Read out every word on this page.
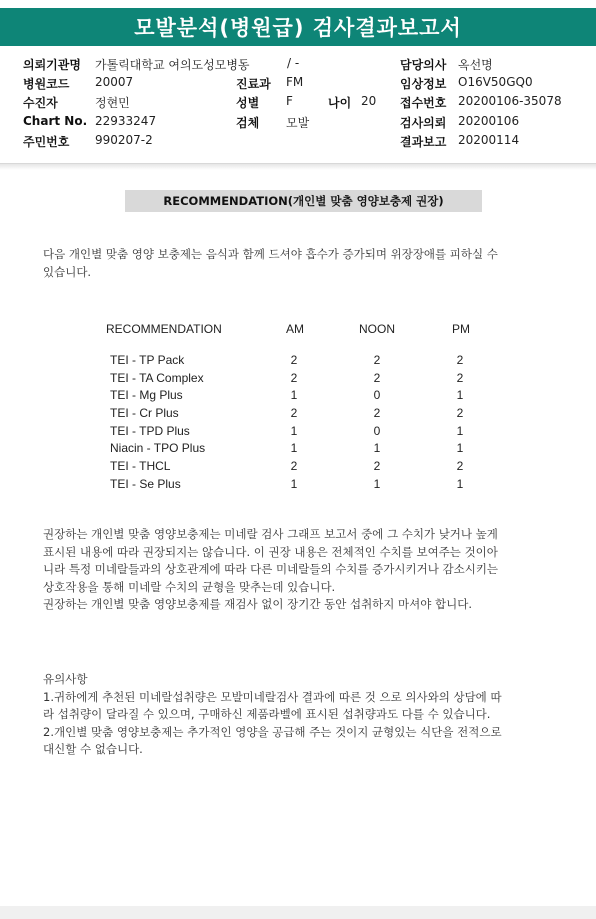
모발분석(병원급) 검사결과보고서
의뢰기관명 가톨릭대학교 여의도성모병동	/ -	담당의사 옥선명
병원코드 20007	진료과 FM	임상정보 O16V50GQ0
수진자	정현민	성별 F	나이 20 접수번호 20200106-35078
Chart No. 22933247	검체 모발	검사의뢰 20200106
주민번호 990207-2	결과보고 20200114
RECOMMENDATION(개인별 맞춤 영양보충제 권장)
다음 개인별 맞춤 영양 보충제는 음식과 함께 드셔야 흡수가 증가되며 위장장애를 피하실 수
있습니다.
RECOMMENDATION	AM	NOON	PM
TEI - TP Pack	2	2	2
TEI - TA Complex	2	2	2
TEI - Mg Plus	1	0	1
TEI - Cr Plus	2	2	2
TEI - TPD Plus	1	0	1
Niacin - TPO Plus	1	1	1
TEI - THCL	2	2	2
TEI - Se Plus	1	1	1
권장하는 개인별 맞춤 영양보충제는 미네랄 검사 그래프 보고서 중에 그 수치가 낮거나 높게
표시된 내용에 따라 권장되지는 않습니다. 이 권장 내용은 전체적인 수치를 보여주는 것이아
니라 특정 미네랄들과의 상호관계에 따라 다른 미네랄들의 수치를 증가시키거나 감소시키는
상호작용을 통해 미네랄 수치의 균형을 맞추는데 있습니다.
권장하는 개인별 맞춤 영양보충제를 재검사 없이 장기간 동안 섭취하지 마셔야 합니다.
유의사항
1.귀하에게 추천된 미네랄섭취량은 모발미네랄검사 결과에 따른 것 으로 의사와의 상담에 따
라 섭취량이 달라질 수 있으며, 구매하신 제품라벨에 표시된 섭취량과도 다를 수 있습니다.
2.개인별 맞춤 영양보충제는 추가적인 영양을 공급해 주는 것이지 균형있는 식단을 전적으로
대신할 수 없습니다.
